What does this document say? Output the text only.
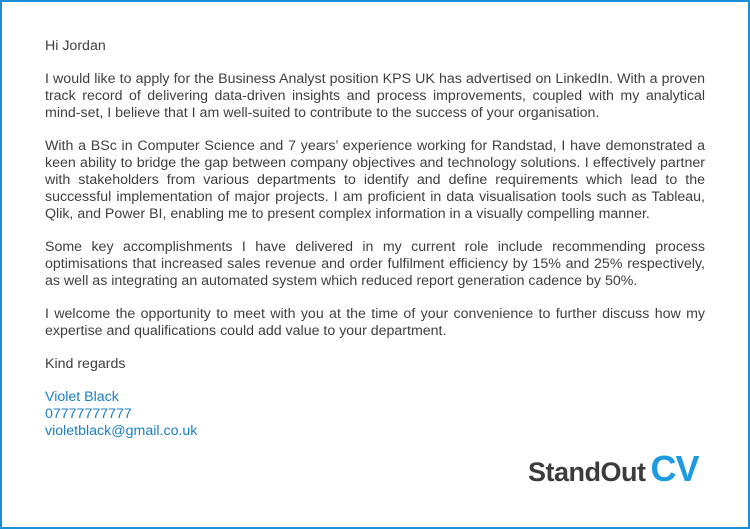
Hi Jordan

I would like to apply for the Business Analyst position KPS UK has advertised on LinkedIn. With a proven track record of delivering data-driven insights and process improvements, coupled with my analytical mind-set, I believe that I am well-suited to contribute to the success of your organisation.

With a BSc in Computer Science and 7 years’ experience working for Randstad, I have demonstrated a keen ability to bridge the gap between company objectives and technology solutions. I effectively partner with stakeholders from various departments to identify and define requirements which lead to the successful implementation of major projects. I am proficient in data visualisation tools such as Tableau, Qlik, and Power BI, enabling me to present complex information in a visually compelling manner.

Some key accomplishments I have delivered in my current role include recommending process optimisations that increased sales revenue and order fulfilment efficiency by 15% and 25% respectively, as well as integrating an automated system which reduced report generation cadence by 50%.

I welcome the opportunity to meet with you at the time of your convenience to further discuss how my expertise and qualifications could add value to your department.

Kind regards

Violet Black
07777777777
violetblack@gmail.co.uk
StandOut CV
